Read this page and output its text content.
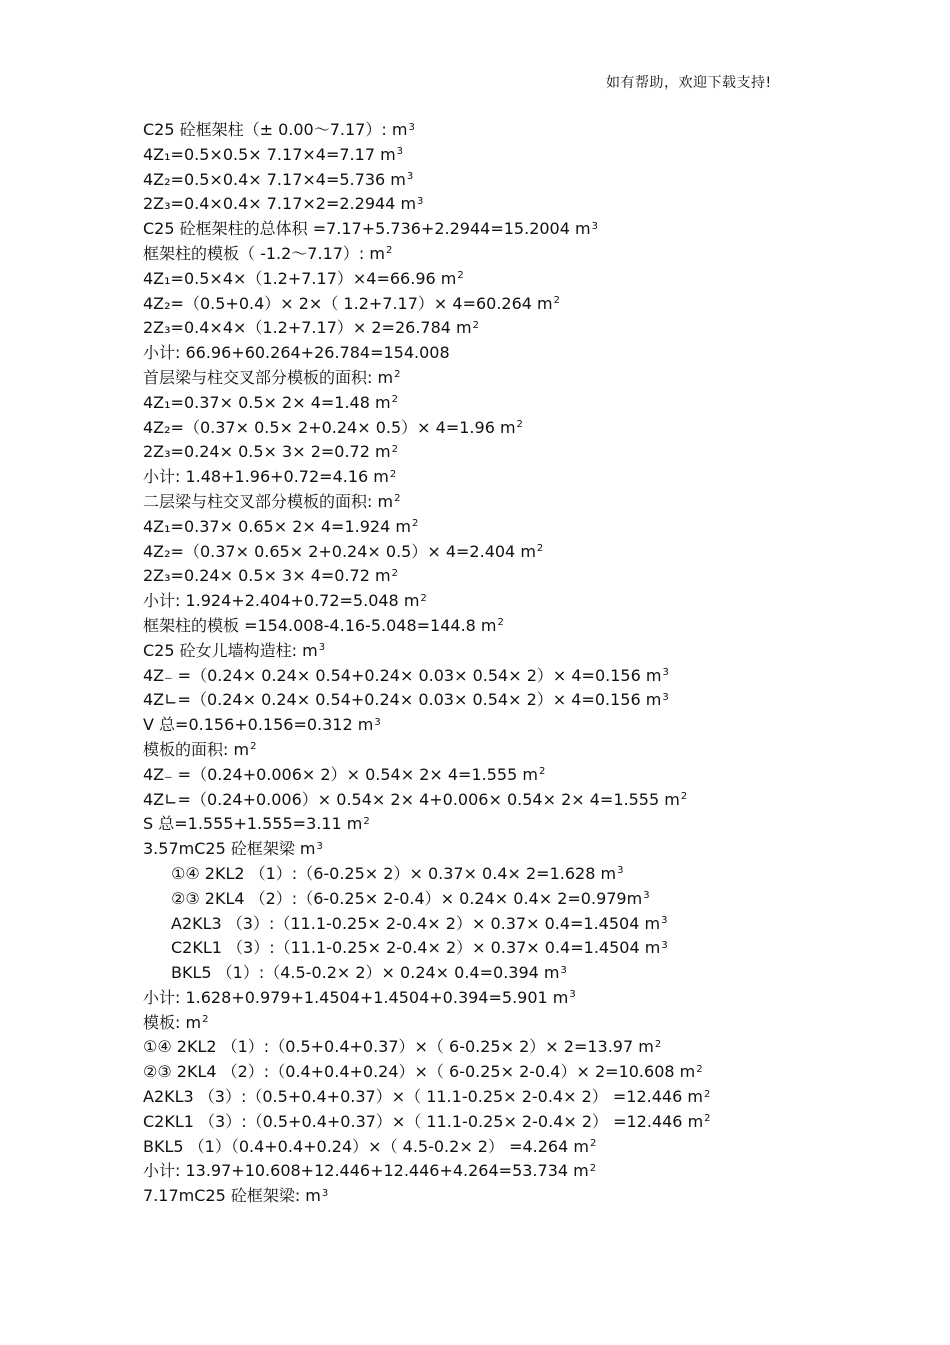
如有帮助，欢迎下载支持!
C25 砼框架柱（± 0.00～7.17）: $m^3$
4Z₁=0.5×0.5× 7.17×4=7.17 $m^3$
4Z₂=0.5×0.4× 7.17×4=5.736 $m^3$
2Z₃=0.4×0.4× 7.17×2=2.2944 $m^3$
C25 砼框架柱的总体积 =7.17+5.736+2.2944=15.2004 $m^3$
框架柱的模板（ -1.2～7.17）: $m^2$
4Z₁=0.5×4×（1.2+7.17）×4=66.96 $m^2$
4Z₂=（0.5+0.4）× 2×（ 1.2+7.17）× 4=60.264 $m^2$
2Z₃=0.4×4×（1.2+7.17）× 2=26.784 $m^2$
小计: 66.96+60.264+26.784=154.008
首层梁与柱交叉部分模板的面积: $m^2$
4Z₁=0.37× 0.5× 2× 4=1.48 $m^2$
4Z₂=（0.37× 0.5× 2+0.24× 0.5）× 4=1.96 $m^2$
2Z₃=0.24× 0.5× 3× 2=0.72 $m^2$
小计: 1.48+1.96+0.72=4.16 $m^2$
二层梁与柱交叉部分模板的面积: $m^2$
4Z₁=0.37× 0.65× 2× 4=1.924 $m^2$
4Z₂=（0.37× 0.65× 2+0.24× 0.5）× 4=2.404 $m^2$
2Z₃=0.24× 0.5× 3× 4=0.72 $m^2$
小计: 1.924+2.404+0.72=5.048 $m^2$
框架柱的模板 =154.008-4.16-5.048=144.8 $m^2$
C25 砼女儿墙构造柱: $m^3$
4Z₋ =（0.24× 0.24× 0.54+0.24× 0.03× 0.54× 2）× 4=0.156 $m^3$
4Z∟=（0.24× 0.24× 0.54+0.24× 0.03× 0.54× 2）× 4=0.156 $m^3$
V 总=0.156+0.156=0.312 $m^3$
模板的面积: $m^2$
4Z₋ =（0.24+0.006× 2）× 0.54× 2× 4=1.555 $m^2$
4Z∟=（0.24+0.006）× 0.54× 2× 4+0.006× 0.54× 2× 4=1.555 $m^2$
S 总=1.555+1.555=3.11 $m^2$
3.57mC25 砼框架梁 $m^3$
①④ 2KL2 （1）:（6-0.25× 2）× 0.37× 0.4× 2=1.628 $m^3$
②③ 2KL4 （2）:（6-0.25× $2-0.4)\times 0.24\times 0.4\times 2=0.979m^3$
A2KL3 （3）:（11.1-0.25× 2-0.4× 2）× 0.37× 0.4=1.4504 $m^3$
C2KL1 （3）:（11.1-0.25× 2-0.4× 2）× 0.37× 0.4=1.4504 $m^3$
BKL5 （1）:（4.5-0.2× 2）× 0.24× 0.4=0.394 $m^3$
小计: 1.628+0.979+1.4504+1.4504+0.394=5.901 $m^3$
模板: $m^2$
①④ 2KL2 （1）:（0.5+0.4+0.37）×（ 6-0.25× 2）× 2=13.97 $m^2$
②③ 2KL4 （2）:（0.4+0.4+0.24）×（ 6-0.25× 2-0.4）× 2=10.608 $m^2$
A2KL3 （3）:（0.5+0.4+0.37）×（ 11.1-0.25× 2-0.4× 2） =12.446 $m^2$
C2KL1 （3）:（0.5+0.4+0.37）×（ 11.1-0.25× 2-0.4× 2） =12.446 $m^2$
BKL5 （1）（0.4+0.4+0.24）×（ 4.5-0.2× 2） =4.264 $m^2$
小计: 13.97+10.608+12.446+12.446+4.264=53.734 $m^2$
7.17mC25 砼框架梁: $m^3$
